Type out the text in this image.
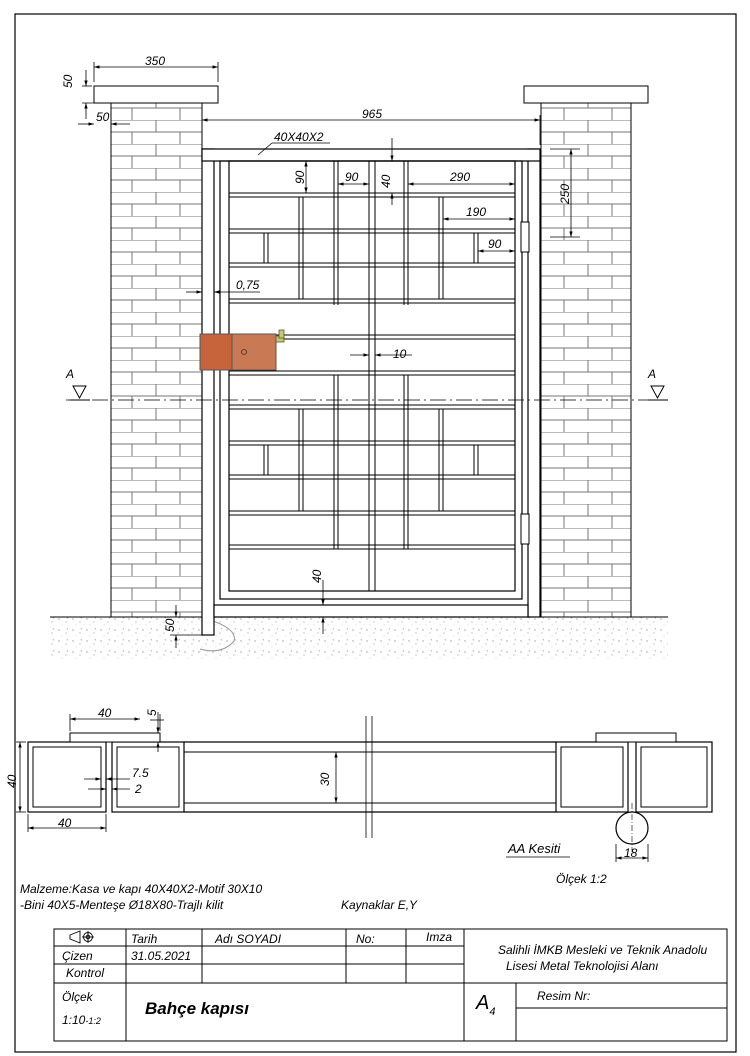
350
50
50	965
40X40X2
90	90 40	290
190
90
250
0,75
10
40
50
A	A
40	5
40
7.5
2
30
40
18
AA Kesiti
Ölçek 1:2
Malzeme:Kasa ve kapı 40X40X2-Motif 30X10
-Bini 40X5-Menteşe Ø18X80-Trajlı kilit	Kaynaklar E,Y
Tarih	Adı SOYADI	No:	Imza
Çizen	31.05.2021
Kontrol
Salihli İMKB Mesleki ve Teknik Anadolu
Lisesi Metal Teknolojisi Alanı
Ölçek
1:10-1:2
Bahçe kapısı	$A_4$
Resim Nr:
